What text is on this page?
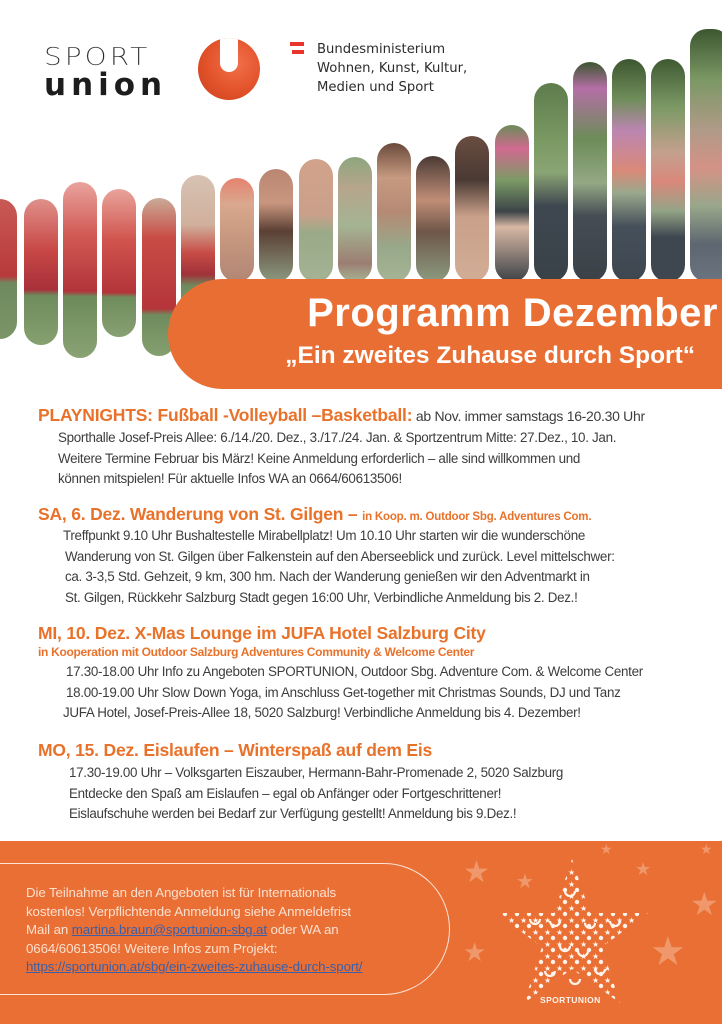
SPORT
union
Bundesministerium
Wohnen, Kunst, Kultur,
Medien und Sport
Programm Dezember
„Ein zweites Zuhause durch Sport“
PLAYNIGHTS: Fußball -Volleyball –Basketball: ab Nov. immer samstags 16-20.30 Uhr
Sporthalle Josef-Preis Allee: 6./14./20. Dez., 3./17./24. Jan. & Sportzentrum Mitte: 27.Dez., 10. Jan.
Weitere Termine Februar bis März! Keine Anmeldung erforderlich – alle sind willkommen und
können mitspielen! Für aktuelle Infos WA an 0664/60613506!
SA, 6. Dez. Wanderung von St. Gilgen – in Koop. m. Outdoor Sbg. Adventures Com.
Treffpunkt 9.10 Uhr Bushaltestelle Mirabellplatz! Um 10.10 Uhr starten wir die wunderschöne
Wanderung von St. Gilgen über Falkenstein auf den Aberseeblick und zurück. Level mittelschwer:
ca. 3-3,5 Std. Gehzeit, 9 km, 300 hm. Nach der Wanderung genießen wir den Adventmarkt in
St. Gilgen, Rückkehr Salzburg Stadt gegen 16:00 Uhr, Verbindliche Anmeldung bis 2. Dez.!
MI, 10. Dez. X-Mas Lounge im JUFA Hotel Salzburg City
in Kooperation mit Outdoor Salzburg Adventures Community & Welcome Center
17.30-18.00 Uhr Info zu Angeboten SPORTUNION, Outdoor Sbg. Adventure Com. & Welcome Center
18.00-19.00 Uhr Slow Down Yoga, im Anschluss Get-together mit Christmas Sounds, DJ und Tanz
JUFA Hotel, Josef-Preis-Allee 18, 5020 Salzburg! Verbindliche Anmeldung bis 4. Dezember!
MO, 15. Dez. Eislaufen – Winterspaß auf dem Eis
17.30-19.00 Uhr – Volksgarten Eiszauber, Hermann-Bahr-Promenade 2, 5020 Salzburg
Entdecke den Spaß am Eislaufen – egal ob Anfänger oder Fortgeschrittener!
Eislaufschuhe werden bei Bedarf zur Verfügung gestellt! Anmeldung bis 9.Dez.!
Die Teilnahme an den Angeboten ist für Internationals
kostenlos! Verpflichtende Anmeldung siehe Anmeldefrist
Mail an martina.braun@sportunion-sbg.at oder WA an
0664/60613506! Weitere Infos zum Projekt:
https://sportunion.at/sbg/ein-zweites-zuhause-durch-sport/
★ ★
★
★
★
★
★
★
SPORTUNION
